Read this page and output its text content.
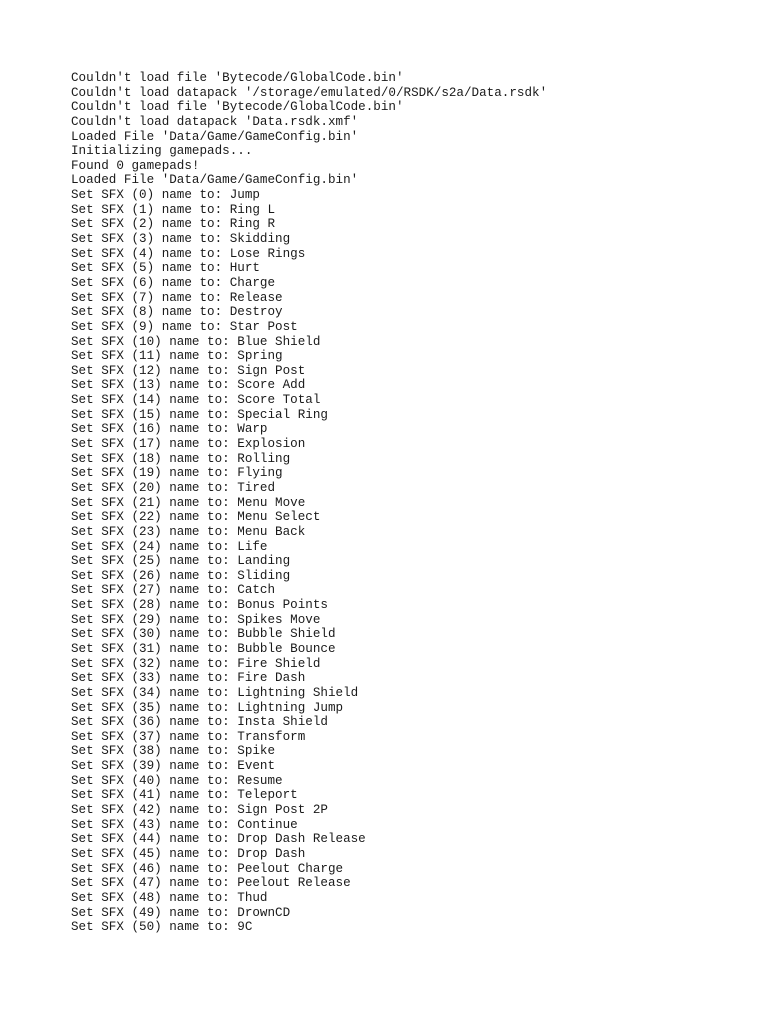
Couldn't load file 'Bytecode/GlobalCode.bin'
Couldn't load datapack '/storage/emulated/0/RSDK/s2a/Data.rsdk'
Couldn't load file 'Bytecode/GlobalCode.bin'
Couldn't load datapack 'Data.rsdk.xmf'
Loaded File 'Data/Game/GameConfig.bin'
Initializing gamepads...
Found 0 gamepads!
Loaded File 'Data/Game/GameConfig.bin'
Set SFX (0) name to: Jump
Set SFX (1) name to: Ring L
Set SFX (2) name to: Ring R
Set SFX (3) name to: Skidding
Set SFX (4) name to: Lose Rings
Set SFX (5) name to: Hurt
Set SFX (6) name to: Charge
Set SFX (7) name to: Release
Set SFX (8) name to: Destroy
Set SFX (9) name to: Star Post
Set SFX (10) name to: Blue Shield
Set SFX (11) name to: Spring
Set SFX (12) name to: Sign Post
Set SFX (13) name to: Score Add
Set SFX (14) name to: Score Total
Set SFX (15) name to: Special Ring
Set SFX (16) name to: Warp
Set SFX (17) name to: Explosion
Set SFX (18) name to: Rolling
Set SFX (19) name to: Flying
Set SFX (20) name to: Tired
Set SFX (21) name to: Menu Move
Set SFX (22) name to: Menu Select
Set SFX (23) name to: Menu Back
Set SFX (24) name to: Life
Set SFX (25) name to: Landing
Set SFX (26) name to: Sliding
Set SFX (27) name to: Catch
Set SFX (28) name to: Bonus Points
Set SFX (29) name to: Spikes Move
Set SFX (30) name to: Bubble Shield
Set SFX (31) name to: Bubble Bounce
Set SFX (32) name to: Fire Shield
Set SFX (33) name to: Fire Dash
Set SFX (34) name to: Lightning Shield
Set SFX (35) name to: Lightning Jump
Set SFX (36) name to: Insta Shield
Set SFX (37) name to: Transform
Set SFX (38) name to: Spike
Set SFX (39) name to: Event
Set SFX (40) name to: Resume
Set SFX (41) name to: Teleport
Set SFX (42) name to: Sign Post 2P
Set SFX (43) name to: Continue
Set SFX (44) name to: Drop Dash Release
Set SFX (45) name to: Drop Dash
Set SFX (46) name to: Peelout Charge
Set SFX (47) name to: Peelout Release
Set SFX (48) name to: Thud
Set SFX (49) name to: DrownCD
Set SFX (50) name to: 9C
